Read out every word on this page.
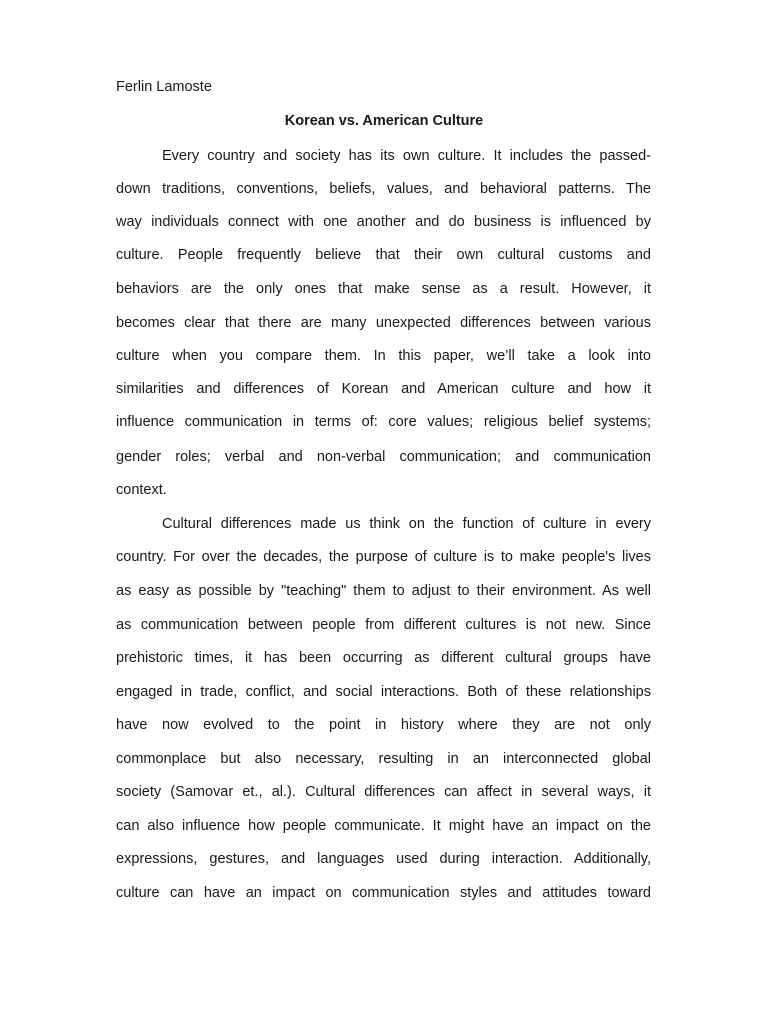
Ferlin Lamoste
Korean vs. American Culture
Every country and society has its own culture. It includes the passed-
down traditions, conventions, beliefs, values, and behavioral patterns. The
way individuals connect with one another and do business is influenced by
culture. People frequently believe that their own cultural customs and
behaviors are the only ones that make sense as a result. However, it
becomes clear that there are many unexpected differences between various
culture when you compare them. In this paper, we’ll take a look into
similarities and differences of Korean and American culture and how it
influence communication in terms of: core values; religious belief systems;
gender roles; verbal and non-verbal communication; and communication
context.
Cultural differences made us think on the function of culture in every
country. For over the decades, the purpose of culture is to make people's lives
as easy as possible by "teaching" them to adjust to their environment. As well
as communication between people from different cultures is not new. Since
prehistoric times, it has been occurring as different cultural groups have
engaged in trade, conflict, and social interactions. Both of these relationships
have now evolved to the point in history where they are not only
commonplace but also necessary, resulting in an interconnected global
society (Samovar et., al.). Cultural differences can affect in several ways, it
can also influence how people communicate. It might have an impact on the
expressions, gestures, and languages used during interaction. Additionally,
culture can have an impact on communication styles and attitudes toward
